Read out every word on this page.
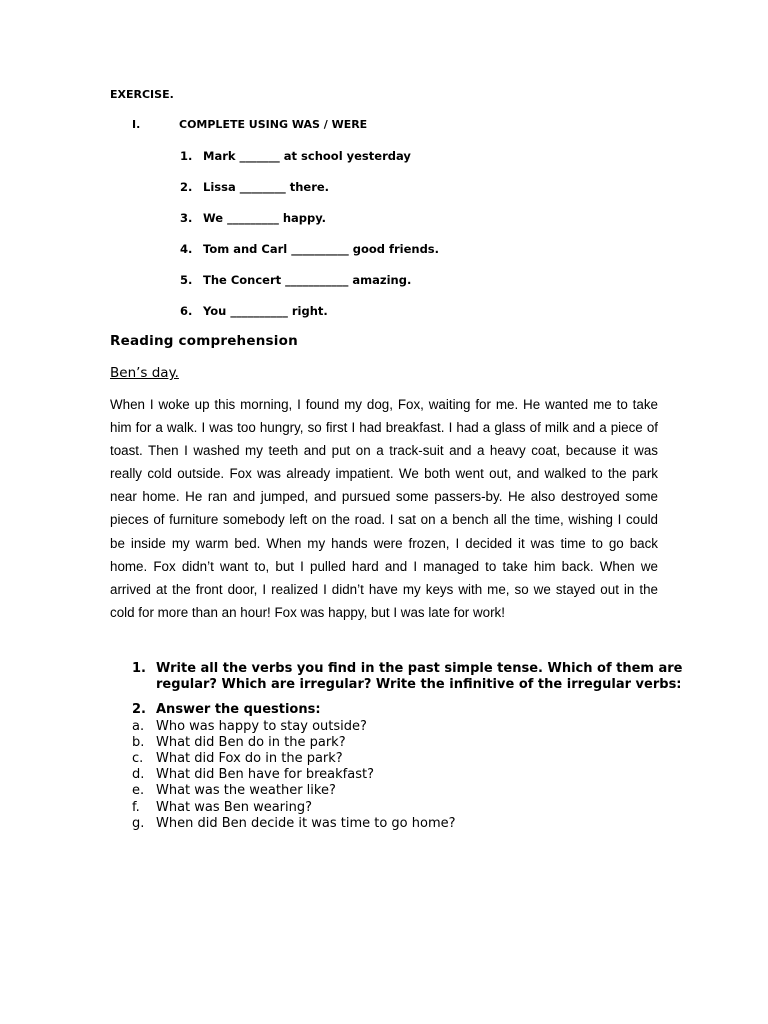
EXERCISE.
I.	COMPLETE USING WAS / WERE
1. Mark _______ at school yesterday
2. Lissa ________ there.
3. We _________ happy.
4. Tom and Carl __________ good friends.
5. The Concert ___________ amazing.
6. You __________ right.
Reading comprehension
Ben’s day.

When I woke up this morning, I found my dog, Fox, waiting for me. He wanted me to take him for a walk. I was too hungry, so first I had breakfast. I had a glass of milk and a piece of toast. Then I washed my teeth and put on a track-suit and a heavy coat, because it was really cold outside. Fox was already impatient. We both went out, and walked to the park near home. He ran and jumped, and pursued some passers-by. He also destroyed some pieces of furniture somebody left on the road. I sat on a bench all the time, wishing I could be inside my warm bed. When my hands were frozen, I decided it was time to go back home. Fox didn’t want to, but I pulled hard and I managed to take him back. When we arrived at the front door, I realized I didn’t have my keys with me, so we stayed out in the cold for more than an hour! Fox was happy, but I was late for work!

1. Write all the verbs you find in the past simple tense. Which of them are regular? Which are irregular? Write the infinitive of the irregular verbs:
2. Answer the questions:
a. Who was happy to stay outside?
b. What did Ben do in the park?
c. What did Fox do in the park?
d. What did Ben have for breakfast?
e. What was the weather like?
f.	What was Ben wearing?
g. When did Ben decide it was time to go home?
